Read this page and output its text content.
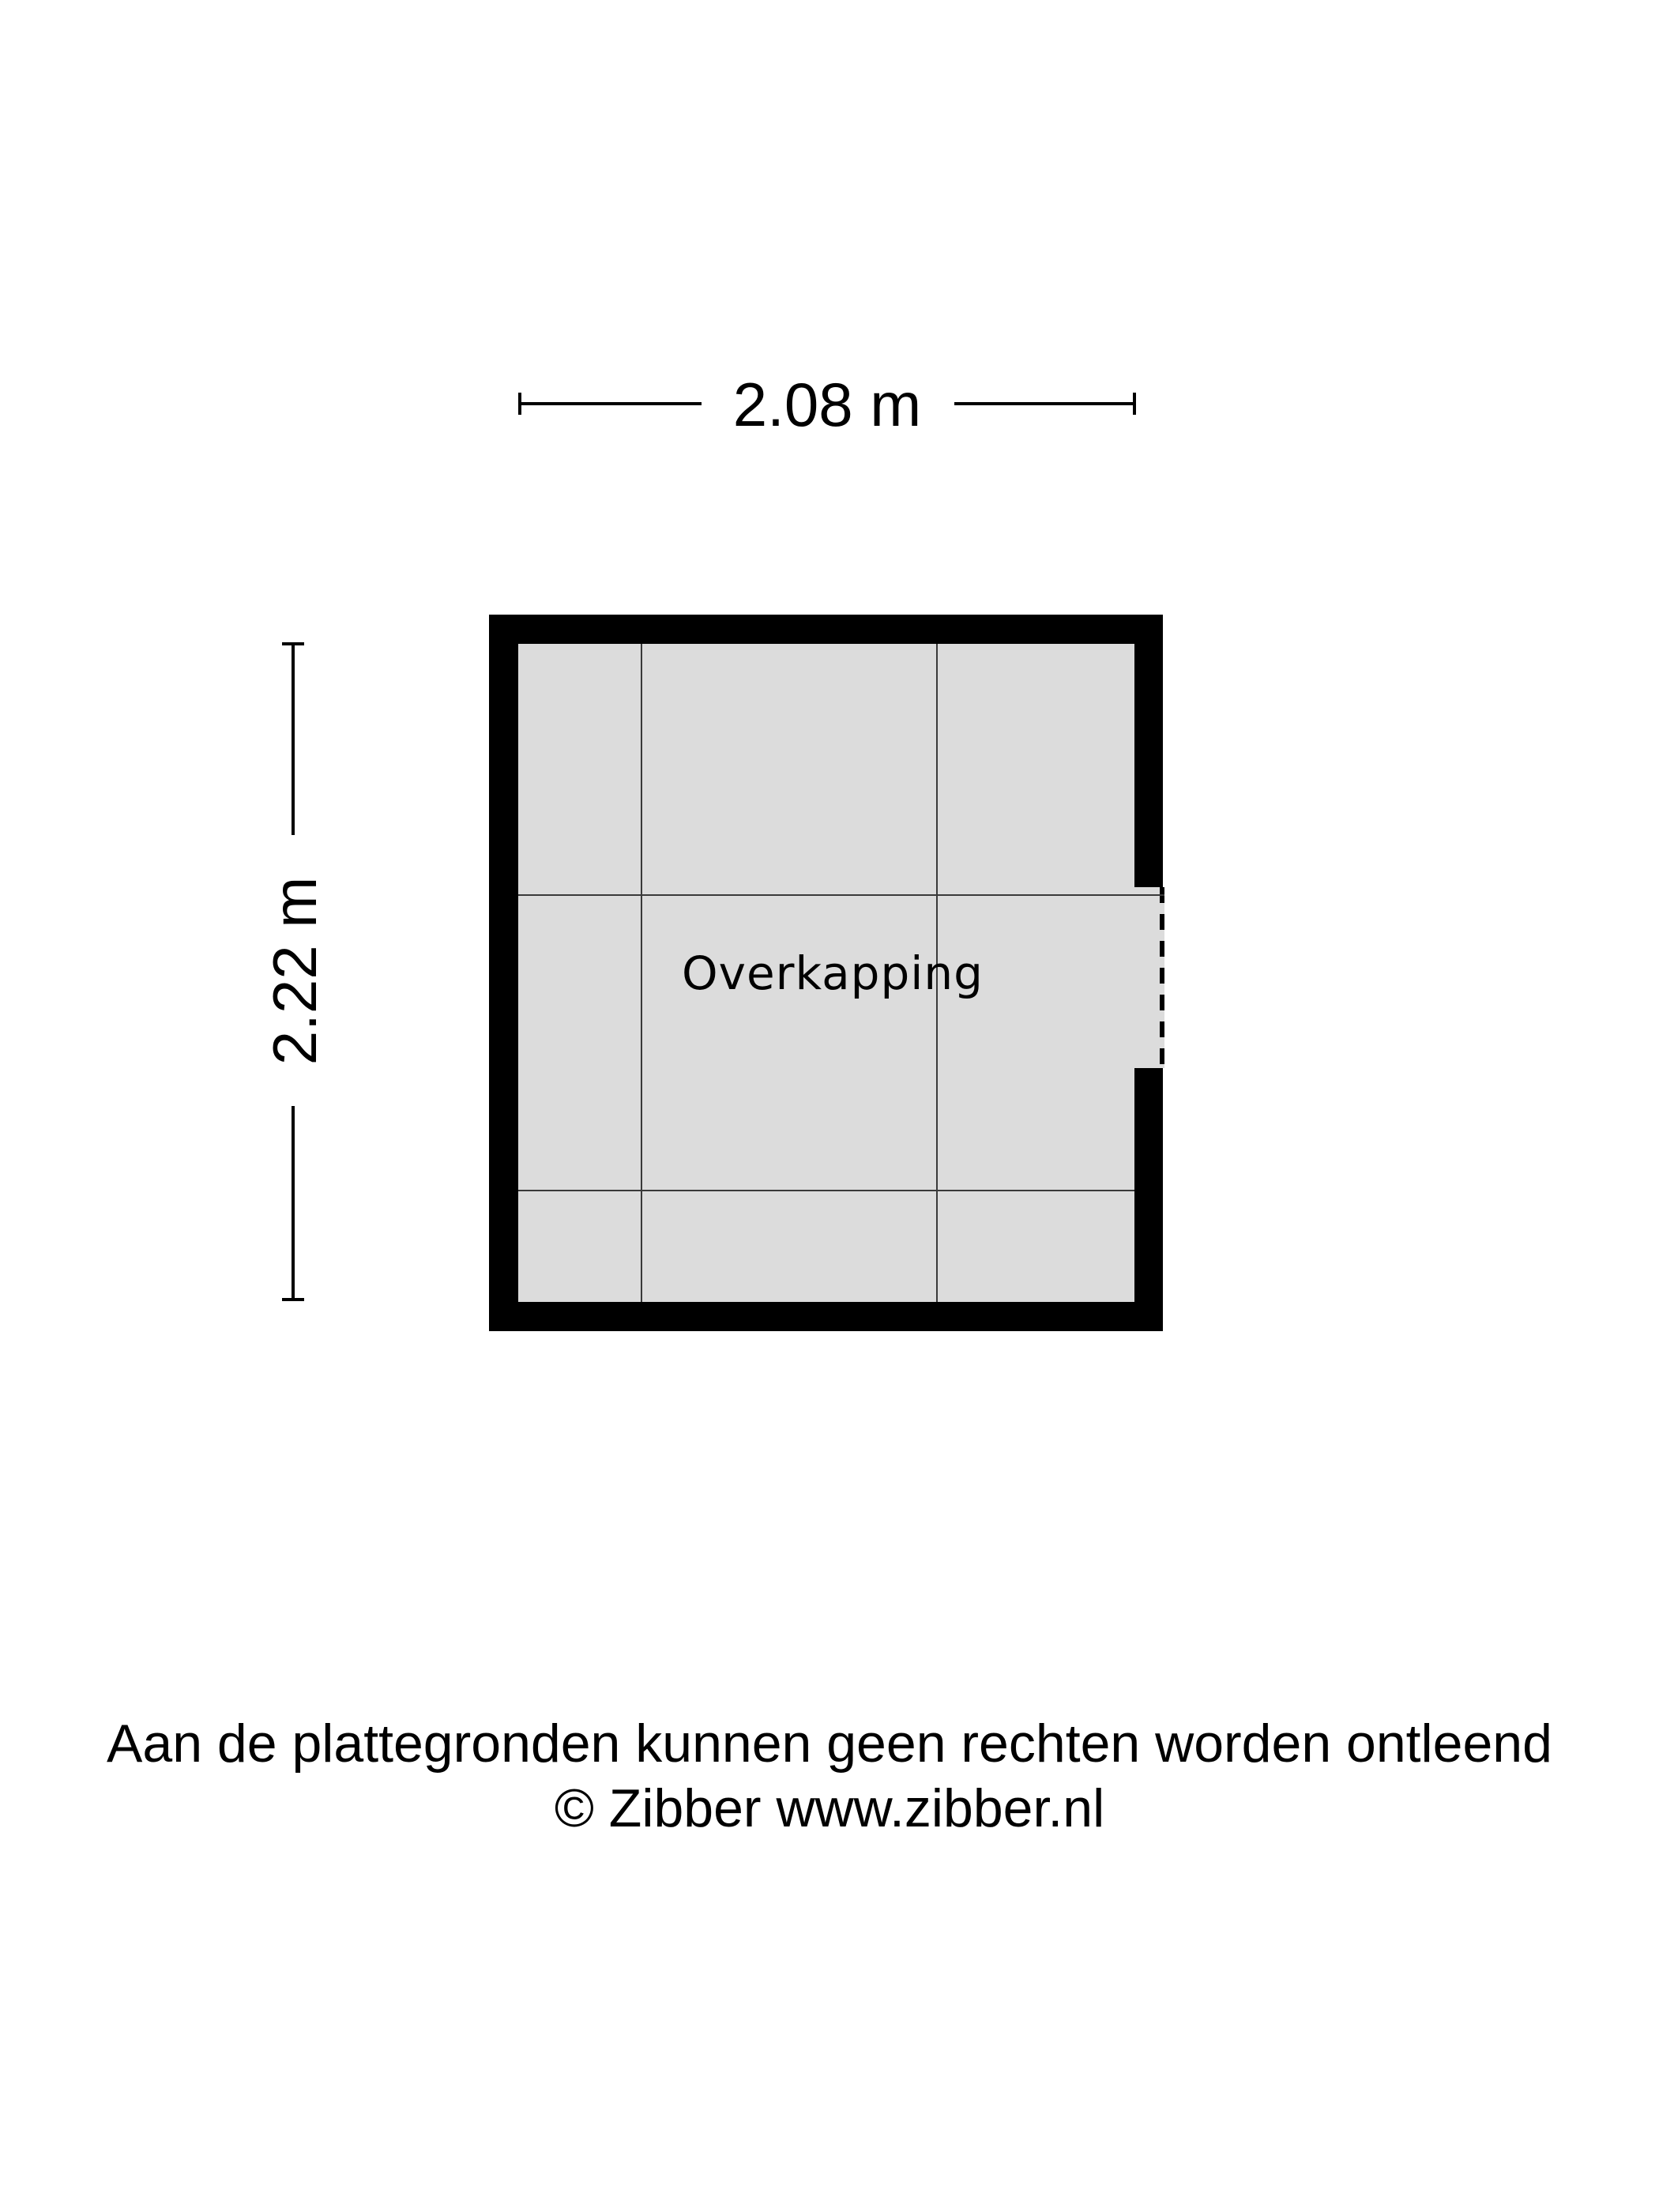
2.08 m
2.22 m	Overkapping
Aan de plattegronden kunnen geen rechten worden ontleend
© Zibber www.zibber.nl
